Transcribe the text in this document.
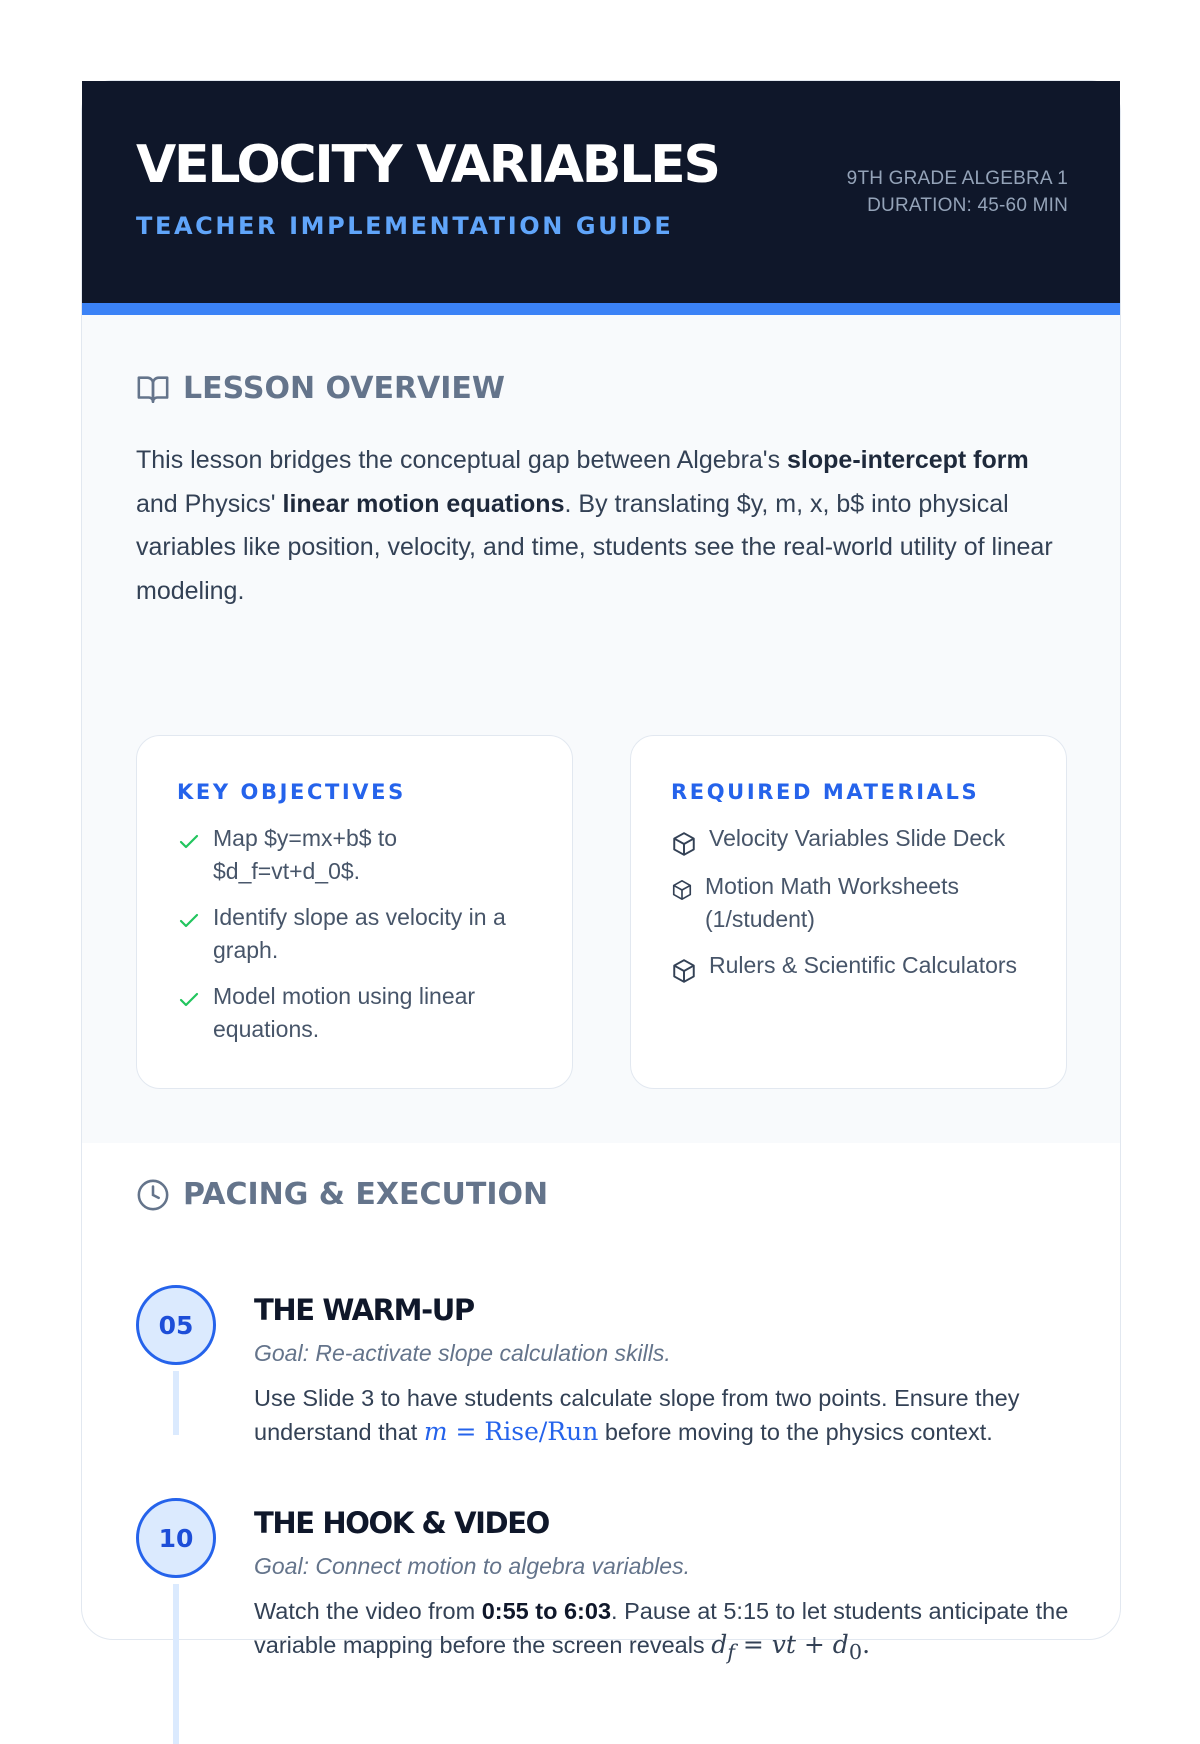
VELOCITY VARIABLES
TEACHER IMPLEMENTATION GUIDE
9TH GRADE ALGEBRA 1
DURATION: 45-60 MIN
LESSON OVERVIEW

This lesson bridges the conceptual gap between Algebra's slope-intercept form and Physics' linear motion equations. By translating $y, m, x, b$ into physical variables like position, velocity, and time, students see the real-world utility of linear modeling.

KEY OBJECTIVES
Map $y=mx+b$ to $d_f=vt+d_0$.
Identify slope as velocity in a graph.
Model motion using linear equations.
REQUIRED MATERIALS
Velocity Variables Slide Deck
Motion Math Worksheets (1/student)
Rulers & Scientific Calculators
PACING & EXECUTION
05	THE WARM-UP
Goal: Re-activate slope calculation skills.

Use Slide 3 to have students calculate slope from two points. Ensure they understand that m = Rise/Run before moving to the physics context.

10	THE HOOK & VIDEO
Goal: Connect motion to algebra variables.

Watch the video from 0:55 to 6:03. Pause at 5:15 to let students anticipate the variable mapping before the screen reveals $d_f$ = vt + $d_0$.
